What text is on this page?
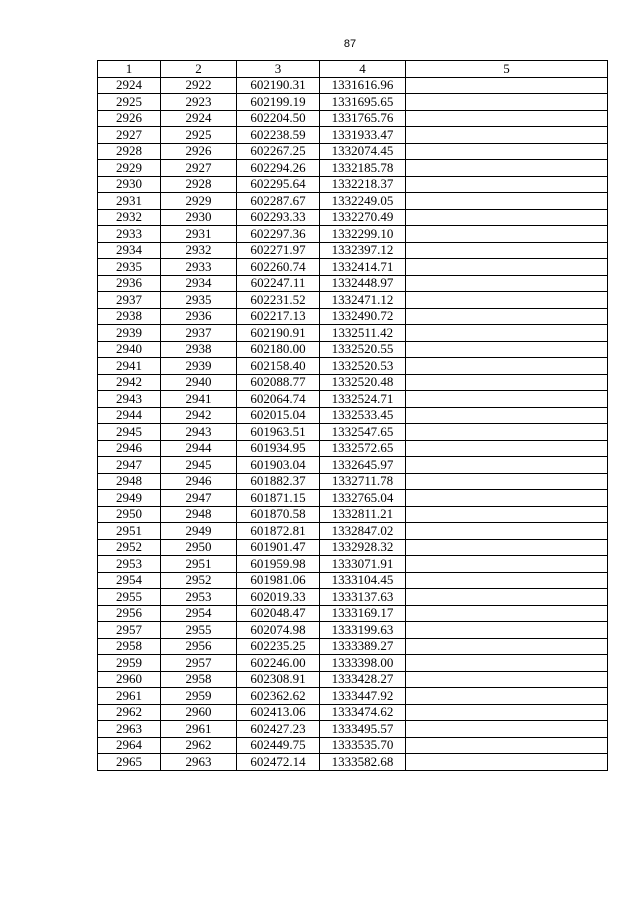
87
1	2	3	4	5
2924	2922	602190.31	1331616.96	
2925	2923	602199.19	1331695.65	
2926	2924	602204.50	1331765.76	
2927	2925	602238.59	1331933.47	
2928	2926	602267.25	1332074.45	
2929	2927	602294.26	1332185.78	
2930	2928	602295.64	1332218.37	
2931	2929	602287.67	1332249.05	
2932	2930	602293.33	1332270.49	
2933	2931	602297.36	1332299.10	
2934	2932	602271.97	1332397.12	
2935	2933	602260.74	1332414.71	
2936	2934	602247.11	1332448.97	
2937	2935	602231.52	1332471.12	
2938	2936	602217.13	1332490.72	
2939	2937	602190.91	1332511.42	
2940	2938	602180.00	1332520.55	
2941	2939	602158.40	1332520.53	
2942	2940	602088.77	1332520.48	
2943	2941	602064.74	1332524.71	
2944	2942	602015.04	1332533.45	
2945	2943	601963.51	1332547.65	
2946	2944	601934.95	1332572.65	
2947	2945	601903.04	1332645.97	
2948	2946	601882.37	1332711.78	
2949	2947	601871.15	1332765.04	
2950	2948	601870.58	1332811.21	
2951	2949	601872.81	1332847.02	
2952	2950	601901.47	1332928.32	
2953	2951	601959.98	1333071.91	
2954	2952	601981.06	1333104.45	
2955	2953	602019.33	1333137.63	
2956	2954	602048.47	1333169.17	
2957	2955	602074.98	1333199.63	
2958	2956	602235.25	1333389.27	
2959	2957	602246.00	1333398.00	
2960	2958	602308.91	1333428.27	
2961	2959	602362.62	1333447.92	
2962	2960	602413.06	1333474.62	
2963	2961	602427.23	1333495.57	
2964	2962	602449.75	1333535.70	
2965	2963	602472.14	1333582.68	
